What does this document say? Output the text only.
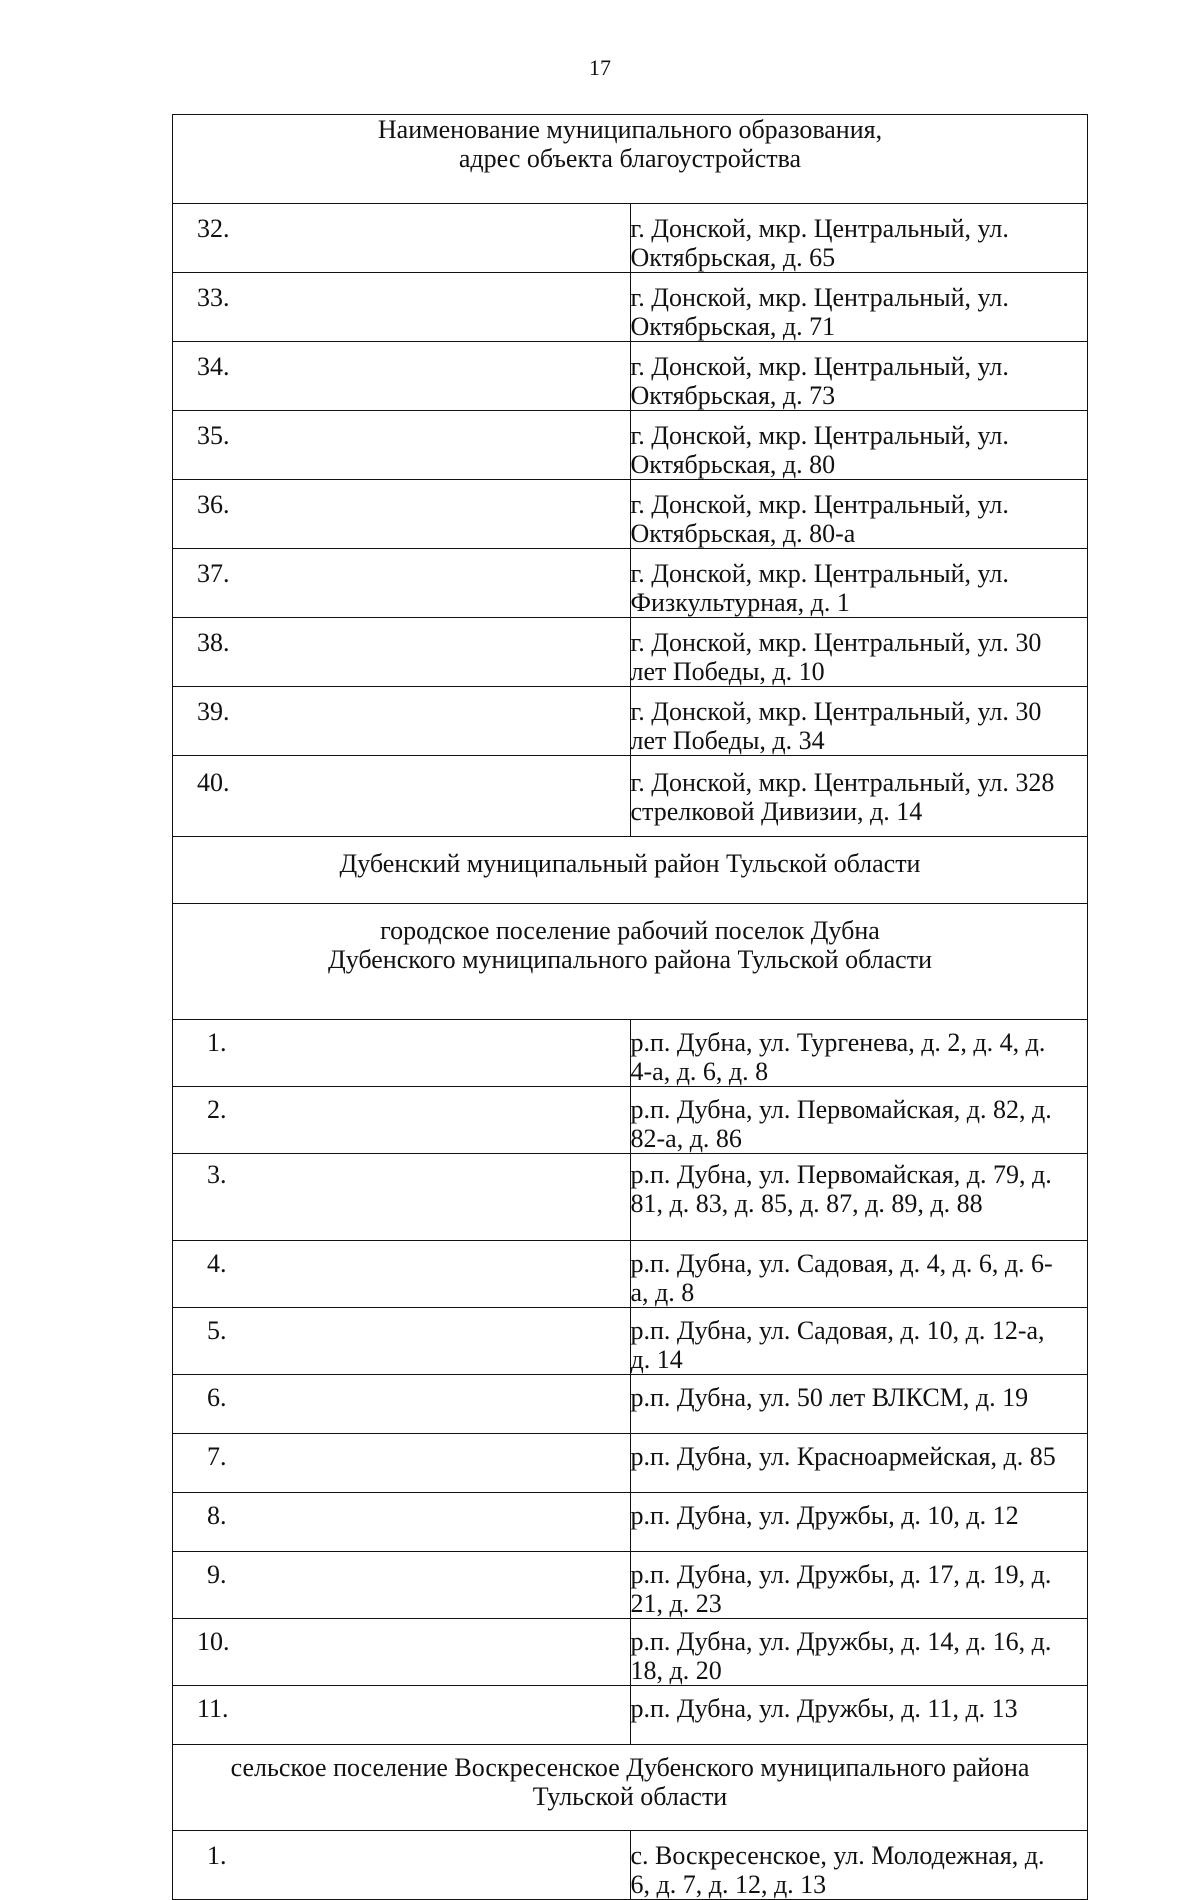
17
Наименование муниципального образования,
адрес объекта благоустройства	

32.	г. Донской, мкр. Центральный, ул. Октябрьская, д. 65
33.	г. Донской, мкр. Центральный, ул. Октябрьская, д. 71
34.	г. Донской, мкр. Центральный, ул. Октябрьская, д. 73
35.	г. Донской, мкр. Центральный, ул. Октябрьская, д. 80
36.	г. Донской, мкр. Центральный, ул. Октябрьская, д. 80-а
37.	г. Донской, мкр. Центральный, ул. Физкультурная, д. 1
38.	г. Донской, мкр. Центральный, ул. 30 лет Победы, д. 10
39.	г. Донской, мкр. Центральный, ул. 30 лет Победы, д. 34
40.	г. Донской, мкр. Центральный, ул. 328 стрелковой Дивизии, д. 14
Дубенский муниципальный район Тульской области	

городское поселение рабочий поселок Дубна
Дубенского муниципального района Тульской области	

1.	р.п. Дубна, ул. Тургенева, д. 2, д. 4, д. 4-а, д. 6, д. 8
2.	р.п. Дубна, ул. Первомайская, д. 82, д. 82-а, д. 86
3.	р.п. Дубна, ул. Первомайская, д. 79, д. 81, д. 83, д. 85, д. 87, д. 89, д. 88
4.	р.п. Дубна, ул. Садовая, д. 4, д. 6, д. 6-а, д. 8
5.	р.п. Дубна, ул. Садовая, д. 10, д. 12-а, д. 14
6.	р.п. Дубна, ул. 50 лет ВЛКСМ, д. 19
7.	р.п. Дубна, ул. Красноармейская, д. 85
8.	р.п. Дубна, ул. Дружбы, д. 10, д. 12
9.	р.п. Дубна, ул. Дружбы, д. 17, д. 19, д. 21, д. 23
10.	р.п. Дубна, ул. Дружбы, д. 14, д. 16, д. 18, д. 20
11.	р.п. Дубна, ул. Дружбы, д. 11, д. 13

сельское поселение Воскресенское Дубенского муниципального района
Тульской области	

1.	с. Воскресенское, ул. Молодежная, д. 6, д. 7, д. 12, д. 13
